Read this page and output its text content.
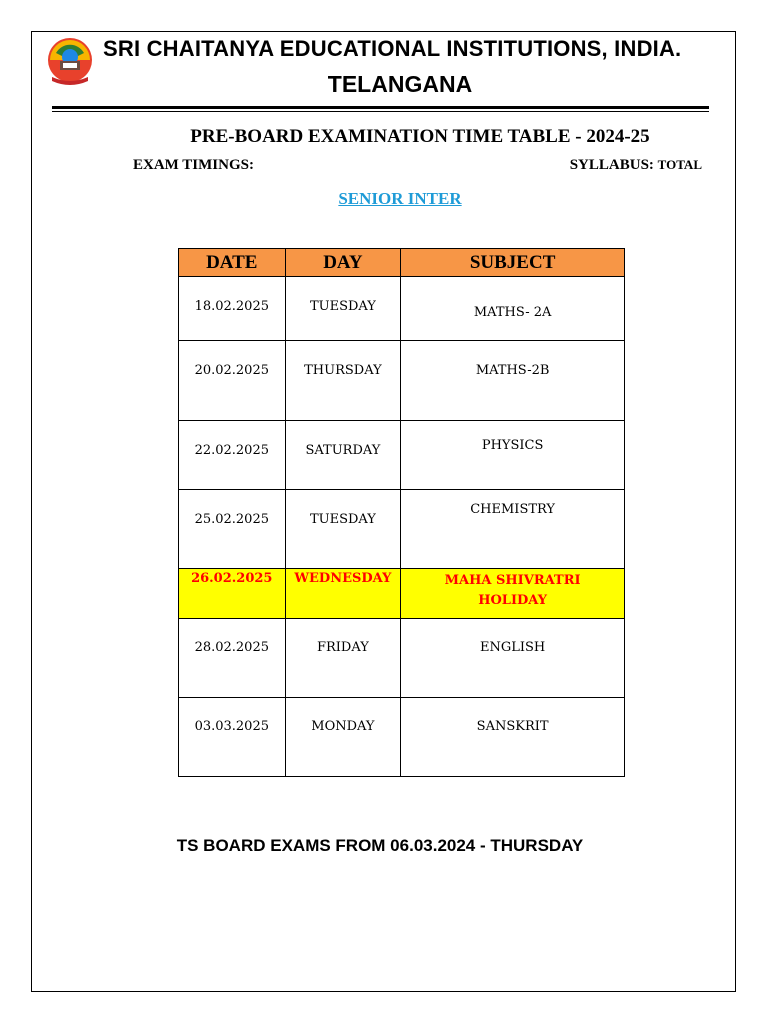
SRI CHAITANYA EDUCATIONAL INSTITUTIONS, INDIA.
TELANGANA
PRE-BOARD EXAMINATION TIME TABLE - 2024-25
EXAM TIMINGS:	SYLLABUS: TOTAL
SENIOR INTER
DATE	DAY	SUBJECT
18.02.2025	TUESDAY	MATHS- 2A
20.02.2025	THURSDAY	MATHS-2B
22.02.2025	SATURDAY	PHYSICS
25.02.2025	TUESDAY	CHEMISTRY
26.02.2025	WEDNESDAY	MAHA SHIVRATRI HOLIDAY
28.02.2025	FRIDAY	ENGLISH
03.03.2025	MONDAY	SANSKRIT
TS BOARD EXAMS FROM 06.03.2024 - THURSDAY
